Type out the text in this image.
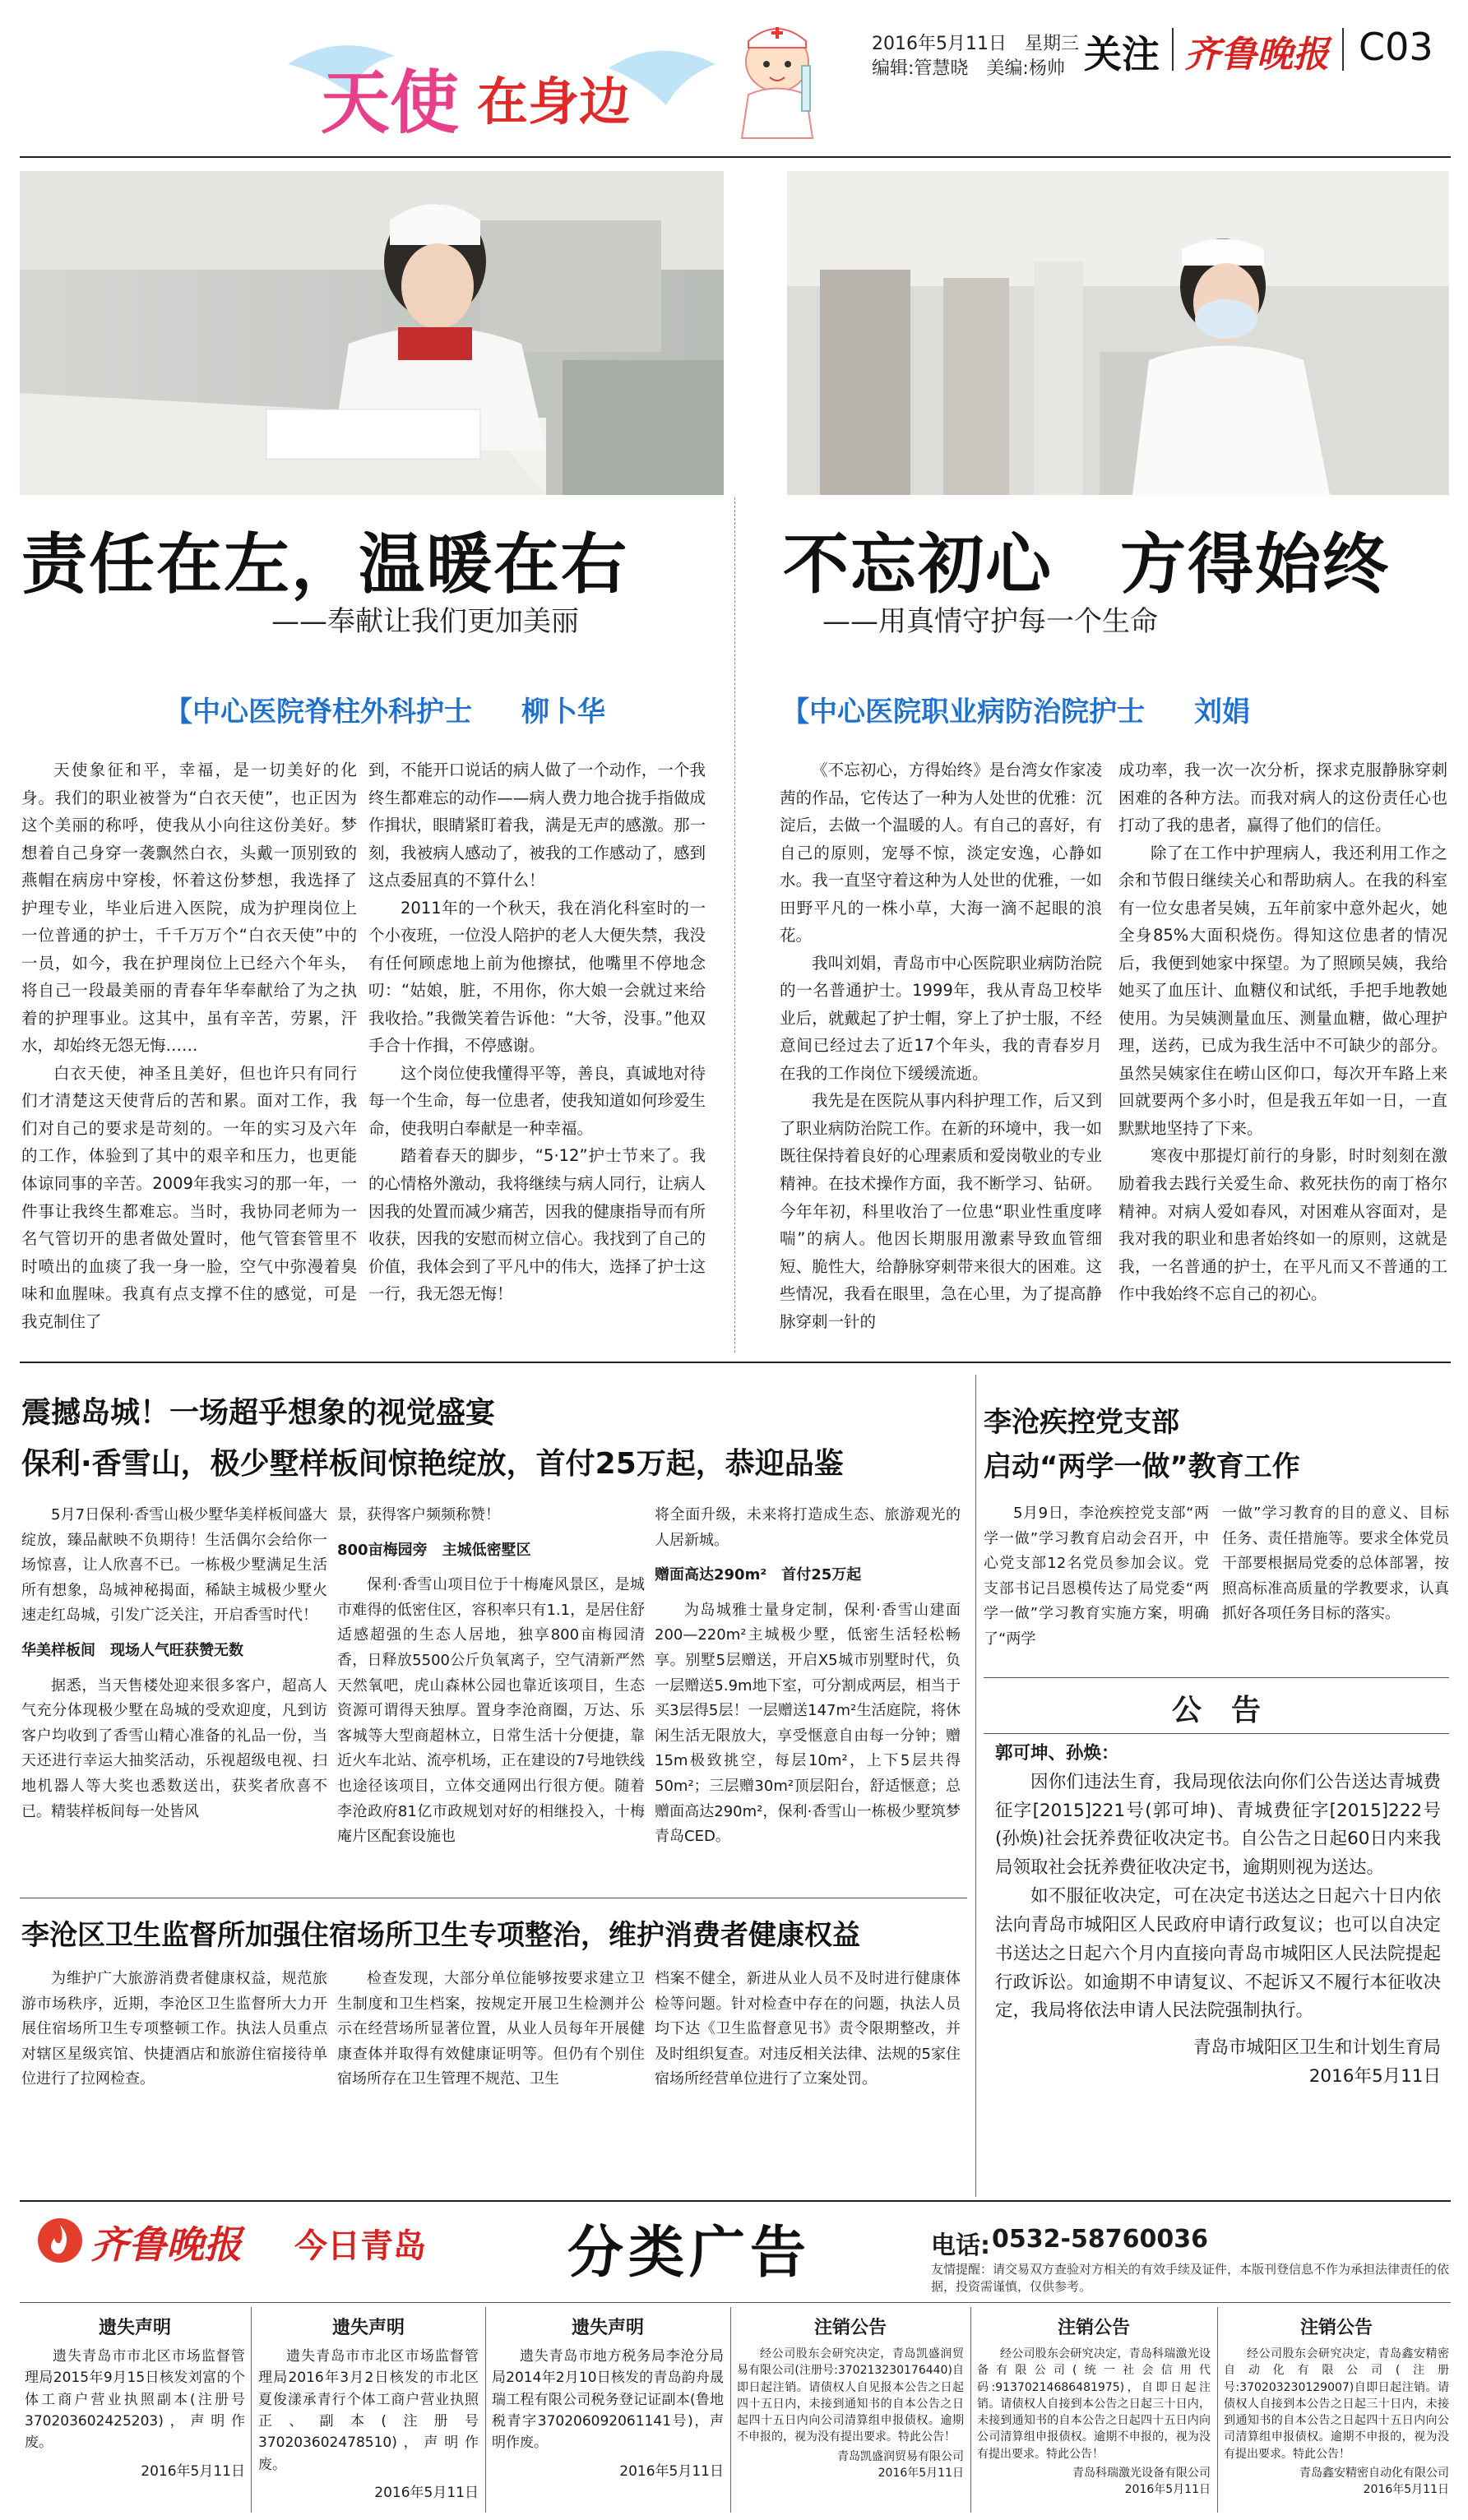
天使 在身边
2016年5月11日　星期三
编辑:管慧晓　美编:杨帅 关注 齐鲁晚报 C03
责任在左，温暖在右
——奉献让我们更加美丽
【中心医院脊柱外科护士 柳卜华

天使象征和平，幸福，是一切美好的化身。我们的职业被誉为“白衣天使”，也正因为这个美丽的称呼，使我从小向往这份美好。梦想着自己身穿一袭飘然白衣，头戴一顶别致的燕帽在病房中穿梭，怀着这份梦想，我选择了护理专业，毕业后进入医院，成为护理岗位上一位普通的护士，千千万万个“白衣天使”中的一员，如今，我在护理岗位上已经六个年头，将自己一段最美丽的青春年华奉献给了为之执着的护理事业。这其中，虽有辛苦，劳累，汗水，却始终无怨无悔……

白衣天使，神圣且美好，但也许只有同行们才清楚这天使背后的苦和累。面对工作，我们对自己的要求是苛刻的。一年的实习及六年的工作，体验到了其中的艰辛和压力，也更能体谅同事的辛苦。2009年我实习的那一年，一件事让我终生都难忘。当时，我协同老师为一名气管切开的患者做处置时，他气管套管里不时喷出的血痰了我一身一脸，空气中弥漫着臭味和血腥味。我真有点支撑不住的感觉，可是我克制住了

到，不能开口说话的病人做了一个动作，一个我终生都难忘的动作——病人费力地合拢手指做成作揖状，眼睛紧盯着我，满是无声的感激。那一刻，我被病人感动了，被我的工作感动了，感到这点委屈真的不算什么！

2011年的一个秋天，我在消化科室时的一个小夜班，一位没人陪护的老人大便失禁，我没有任何顾虑地上前为他擦拭，他嘴里不停地念叨：“姑娘，脏，不用你，你大娘一会就过来给我收拾。”我微笑着告诉他：“大爷，没事。”他双手合十作揖，不停感谢。

这个岗位使我懂得平等，善良，真诚地对待每一个生命，每一位患者，使我知道如何珍爱生命，使我明白奉献是一种幸福。

踏着春天的脚步，“5·12”护士节来了。我的心情格外激动，我将继续与病人同行，让病人因我的处置而减少痛苦，因我的健康指导而有所收获，因我的安慰而树立信心。我找到了自己的价值，我体会到了平凡中的伟大，选择了护士这一行，我无怨无悔！

不忘初心　方得始终
——用真情守护每一个生命
【中心医院职业病防治院护士 刘娟

《不忘初心，方得始终》是台湾女作家凌茜的作品，它传达了一种为人处世的优雅：沉淀后，去做一个温暖的人。有自己的喜好，有自己的原则，宠辱不惊，淡定安逸，心静如水。我一直坚守着这种为人处世的优雅，一如田野平凡的一株小草，大海一滴不起眼的浪花。

我叫刘娟，青岛市中心医院职业病防治院的一名普通护士。1999年，我从青岛卫校毕业后，就戴起了护士帽，穿上了护士服，不经意间已经过去了近17个年头，我的青春岁月在我的工作岗位下缓缓流逝。

我先是在医院从事内科护理工作，后又到了职业病防治院工作。在新的环境中，我一如既往保持着良好的心理素质和爱岗敬业的专业精神。在技术操作方面，我不断学习、钻研。今年年初，科里收治了一位患“职业性重度哮喘”的病人。他因长期服用激素导致血管细短、脆性大，给静脉穿刺带来很大的困难。这些情况，我看在眼里，急在心里，为了提高静脉穿刺一针的

成功率，我一次一次分析，探求克服静脉穿刺困难的各种方法。而我对病人的这份责任心也打动了我的患者，赢得了他们的信任。

除了在工作中护理病人，我还利用工作之余和节假日继续关心和帮助病人。在我的科室有一位女患者吴姨，五年前家中意外起火，她全身85%大面积烧伤。得知这位患者的情况后，我便到她家中探望。为了照顾吴姨，我给她买了血压计、血糖仪和试纸，手把手地教她使用。为吴姨测量血压、测量血糖，做心理护理，送药，已成为我生活中不可缺少的部分。虽然吴姨家住在崂山区仰口，每次开车路上来回就要两个多小时，但是我五年如一日，一直默默地坚持了下来。

寒夜中那提灯前行的身影，时时刻刻在激励着我去践行关爱生命、救死扶伤的南丁格尔精神。对病人爱如春风，对困难从容面对，是我对我的职业和患者始终如一的原则，这就是我，一名普通的护士，在平凡而又不普通的工作中我始终不忘自己的初心。

震撼岛城！一场超乎想象的视觉盛宴
保利·香雪山，极少墅样板间惊艳绽放，首付25万起，恭迎品鉴

5月7日保利·香雪山极少墅华美样板间盛大绽放，臻品献映不负期待！生活偶尔会给你一场惊喜，让人欣喜不已。一栋极少墅满足生活所有想象，岛城神秘揭面，稀缺主城极少墅火速走红岛城，引发广泛关注，开启香雪时代！

华美样板间　现场人气旺获赞无数

据悉，当天售楼处迎来很多客户，超高人气充分体现极少墅在岛城的受欢迎度，凡到访客户均收到了香雪山精心准备的礼品一份，当天还进行幸运大抽奖活动，乐视超级电视、扫地机器人等大奖也悉数送出，获奖者欣喜不已。精装样板间每一处皆风

景，获得客户频频称赞！

800亩梅园旁　主城低密墅区

保利·香雪山项目位于十梅庵风景区，是城市难得的低密住区，容积率只有1.1，是居住舒适感超强的生态人居地，独享800亩梅园清香，日释放5500公斤负氧离子，空气清新严然天然氧吧，虎山森林公园也靠近该项目，生态资源可谓得天独厚。置身李沧商圈，万达、乐客城等大型商超林立，日常生活十分便捷，靠近火车北站、流亭机场，正在建设的7号地铁线也途径该项目，立体交通网出行很方便。随着李沧政府81亿市政规划对好的相继投入，十梅庵片区配套设施也

将全面升级，未来将打造成生态、旅游观光的人居新城。

赠面高达290m²　首付25万起

为岛城雅士量身定制，保利·香雪山建面200—220m²主城极少墅，低密生活轻松畅享。别墅5层赠送，开启X5城市别墅时代，负一层赠送5.9m地下室，可分割成两层，相当于买3层得5层！一层赠送147m²生活庭院，将休闲生活无限放大，享受惬意自由每一分钟；赠15m极致挑空，每层10m²，上下5层共得50m²；三层赠30m²顶层阳台，舒适惬意；总赠面高达290m²，保利·香雪山一栋极少墅筑梦青岛CED。

李沧区卫生监督所加强住宿场所卫生专项整治，维护消费者健康权益

为维护广大旅游消费者健康权益，规范旅游市场秩序，近期，李沧区卫生监督所大力开展住宿场所卫生专项整顿工作。执法人员重点对辖区星级宾馆、快捷酒店和旅游住宿接待单位进行了拉网检查。

检查发现，大部分单位能够按要求建立卫生制度和卫生档案，按规定开展卫生检测并公示在经营场所显著位置，从业人员每年开展健康查体并取得有效健康证明等。但仍有个别住宿场所存在卫生管理不规范、卫生

档案不健全，新进从业人员不及时进行健康体检等问题。针对检查中存在的问题，执法人员均下达《卫生监督意见书》责令限期整改，并及时组织复查。对违反相关法律、法规的5家住宿场所经营单位进行了立案处罚。

李沧疾控党支部
启动“两学一做”教育工作

5月9日，李沧疾控党支部“两学一做”学习教育启动会召开，中心党支部12名党员参加会议。党支部书记吕恩模传达了局党委“两学一做”学习教育实施方案，明确了“两学

一做”学习教育的目的意义、目标任务、责任措施等。要求全体党员干部要根据局党委的总体部署，按照高标准高质量的学教要求，认真抓好各项任务目标的落实。

公　告

郭可坤、孙焕：

因你们违法生育，我局现依法向你们公告送达青城费征字[2015]221号(郭可坤)、青城费征字[2015]222号(孙焕)社会抚养费征收决定书。自公告之日起60日内来我局领取社会抚养费征收决定书，逾期则视为送达。

如不服征收决定，可在决定书送达之日起六十日内依法向青岛市城阳区人民政府申请行政复议；也可以自决定书送达之日起六个月内直接向青岛市城阳区人民法院提起行政诉讼。如逾期不申请复议、不起诉又不履行本征收决定，我局将依法申请人民法院强制执行。

青岛市城阳区卫生和计划生育局

2016年5月11日

齐鲁晚报 今日青岛	分类广告	电话: 0532-58760036
友情提醒：请交易双方查验对方相关的有效手续及证件，本版刊登信息不作为承担法律责任的依据，投资需谨慎，仅供参考。
遗失声明
遗失青岛市市北区市场监督管理局2015年9月15日核发刘富的个体工商户营业执照副本(注册号370203602425203)，声明作废。
2016年5月11日
遗失声明
遗失青岛市市北区市场监督管理局2016年3月2日核发的市北区夏俊漾承青行个体工商户营业执照正、副本(注册号370203602478510)，声明作废。
2016年5月11日
遗失声明
遗失青岛市地方税务局李沧分局局2014年2月10日核发的青岛韵舟晟瑞工程有限公司税务登记证副本(鲁地税青字370206092061141号)，声明作废。
2016年5月11日
注销公告
经公司股东会研究决定，青岛凯盛润贸易有限公司(注册号:370213230176440)自即日起注销。请债权人自见报本公告之日起四十五日内，未接到通知书的自本公告之日起四十五日内向公司清算组申报债权。逾期不申报的，视为没有提出要求。特此公告！
青岛凯盛润贸易有限公司
2016年5月11日
注销公告
经公司股东会研究决定，青岛科瑞激光设备有限公司(统一社会信用代码:91370214686481975)，自即日起注销。请债权人自接到本公告之日起三十日内，未接到通知书的自本公告之日起四十五日内向公司清算组申报债权。逾期不申报的，视为没有提出要求。特此公告！
青岛科瑞激光设备有限公司
2016年5月11日
注销公告
经公司股东会研究决定，青岛鑫安精密自动化有限公司(注册号:370203230129007)自即日起注销。请债权人自接到本公告之日起三十日内，未接到通知书的自本公告之日起四十五日内向公司清算组申报债权。逾期不申报的，视为没有提出要求。特此公告！
青岛鑫安精密自动化有限公司
2016年5月11日
